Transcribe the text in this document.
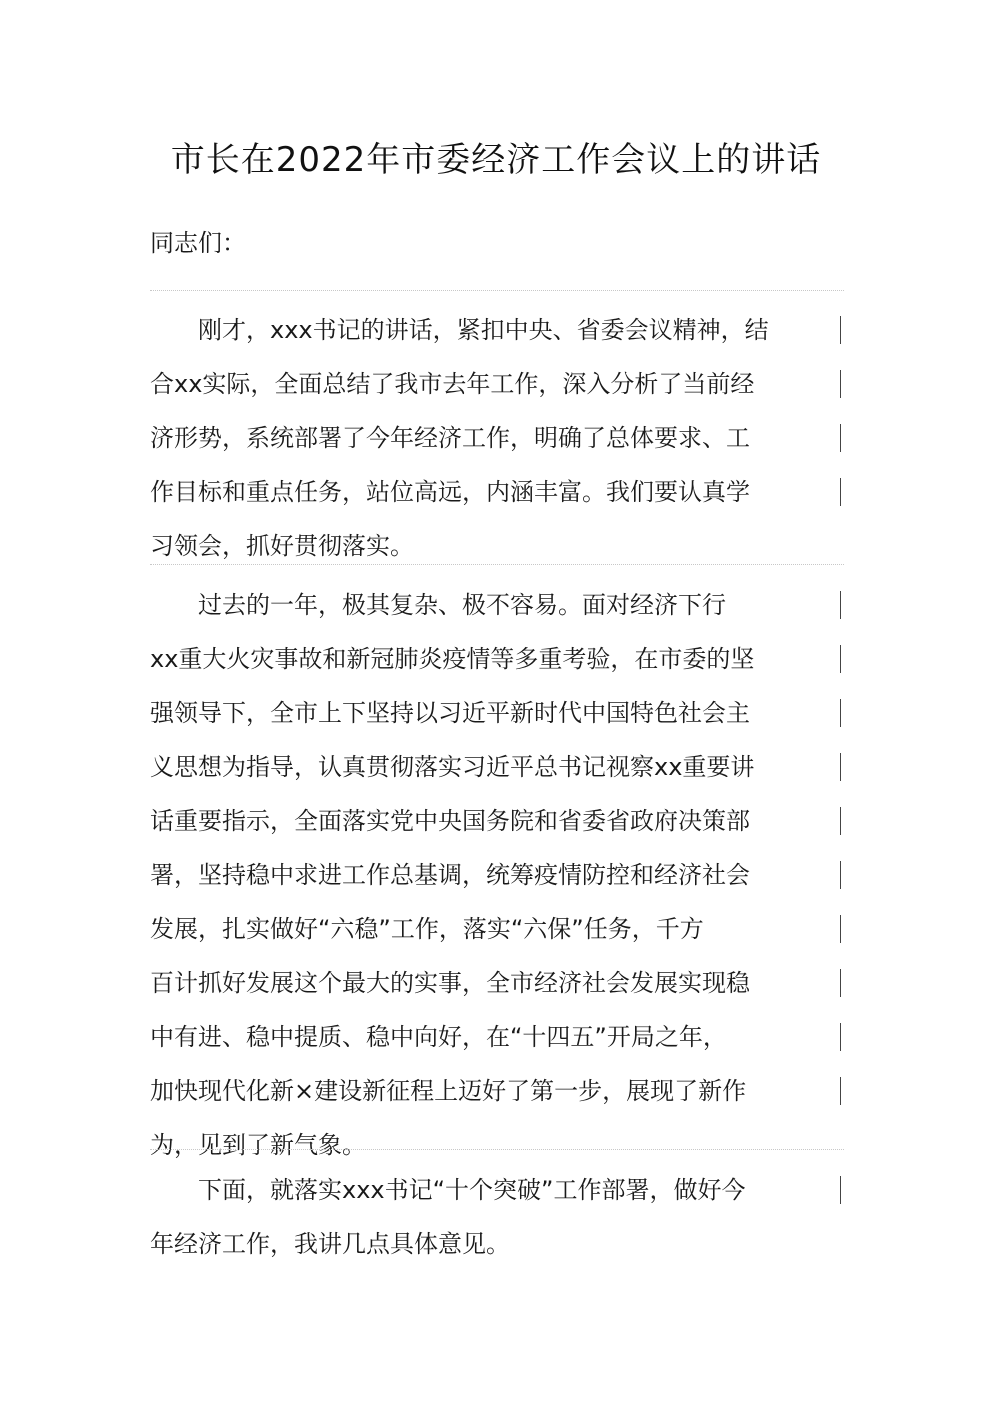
市长在2022年市委经济工作会议上的讲话
同志们：
　　刚才，xxx书记的讲话，紧扣中央、省委会议精神，结
合xx实际，全面总结了我市去年工作，深入分析了当前经
济形势，系统部署了今年经济工作，明确了总体要求、工
作目标和重点任务，站位高远，内涵丰富。我们要认真学
习领会，抓好贯彻落实。
　　过去的一年，极其复杂、极不容易。面对经济下行
xx重大火灾事故和新冠肺炎疫情等多重考验，在市委的坚
强领导下，全市上下坚持以习近平新时代中国特色社会主
义思想为指导，认真贯彻落实习近平总书记视察xx重要讲
话重要指示，全面落实党中央国务院和省委省政府决策部
署，坚持稳中求进工作总基调，统筹疫情防控和经济社会
发展，扎实做好“六稳”工作，落实“六保”任务，千方
百计抓好发展这个最大的实事，全市经济社会发展实现稳
中有进、稳中提质、稳中向好，在“十四五”开局之年，
加快现代化新×建设新征程上迈好了第一步，展现了新作
为，见到了新气象。
　　下面，就落实xxx书记“十个突破”工作部署，做好今
年经济工作，我讲几点具体意见。
